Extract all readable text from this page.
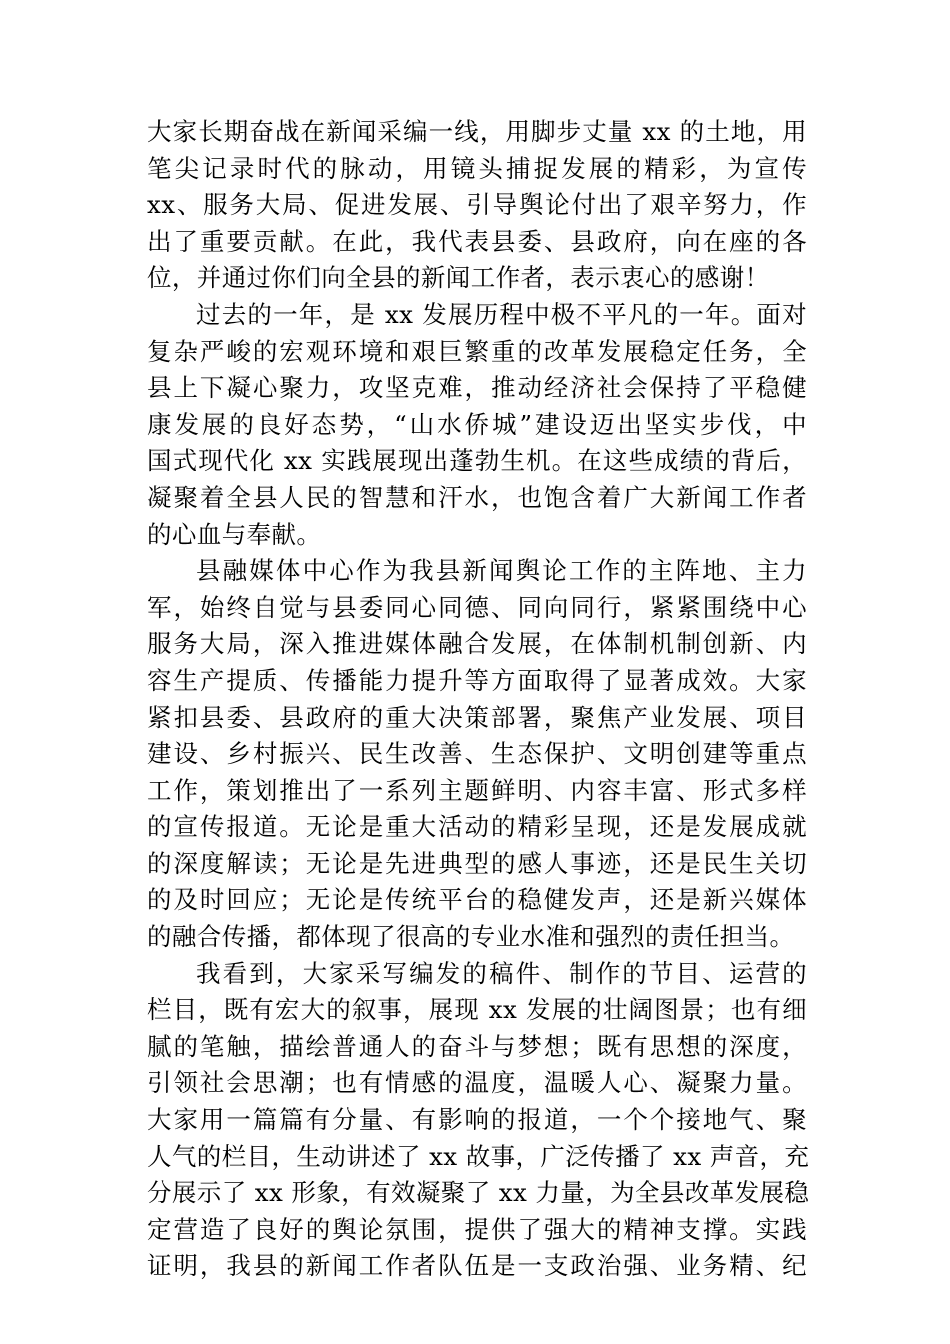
大家长期奋战在新闻采编一线，用脚步丈量 xx 的土地，用
笔尖记录时代的脉动，用镜头捕捉发展的精彩，为宣传
xx、服务大局、促进发展、引导舆论付出了艰辛努力，作
出了重要贡献。在此，我代表县委、县政府，向在座的各
位，并通过你们向全县的新闻工作者，表示衷心的感谢！
过去的一年，是 xx 发展历程中极不平凡的一年。面对
复杂严峻的宏观环境和艰巨繁重的改革发展稳定任务，全
县上下凝心聚力，攻坚克难，推动经济社会保持了平稳健
康发展的良好态势，“山水侨城”建设迈出坚实步伐，中
国式现代化 xx 实践展现出蓬勃生机。在这些成绩的背后，
凝聚着全县人民的智慧和汗水，也饱含着广大新闻工作者
的心血与奉献。
县融媒体中心作为我县新闻舆论工作的主阵地、主力
军，始终自觉与县委同心同德、同向同行，紧紧围绕中心
服务大局，深入推进媒体融合发展，在体制机制创新、内
容生产提质、传播能力提升等方面取得了显著成效。大家
紧扣县委、县政府的重大决策部署，聚焦产业发展、项目
建设、乡村振兴、民生改善、生态保护、文明创建等重点
工作，策划推出了一系列主题鲜明、内容丰富、形式多样
的宣传报道。无论是重大活动的精彩呈现，还是发展成就
的深度解读；无论是先进典型的感人事迹，还是民生关切
的及时回应；无论是传统平台的稳健发声，还是新兴媒体
的融合传播，都体现了很高的专业水准和强烈的责任担当。
我看到，大家采写编发的稿件、制作的节目、运营的
栏目，既有宏大的叙事，展现 xx 发展的壮阔图景；也有细
腻的笔触，描绘普通人的奋斗与梦想；既有思想的深度，
引领社会思潮；也有情感的温度，温暖人心、凝聚力量。
大家用一篇篇有分量、有影响的报道，一个个接地气、聚
人气的栏目，生动讲述了 xx 故事，广泛传播了 xx 声音，充
分展示了 xx 形象，有效凝聚了 xx 力量，为全县改革发展稳
定营造了良好的舆论氛围，提供了强大的精神支撑。实践
证明，我县的新闻工作者队伍是一支政治强、业务精、纪
